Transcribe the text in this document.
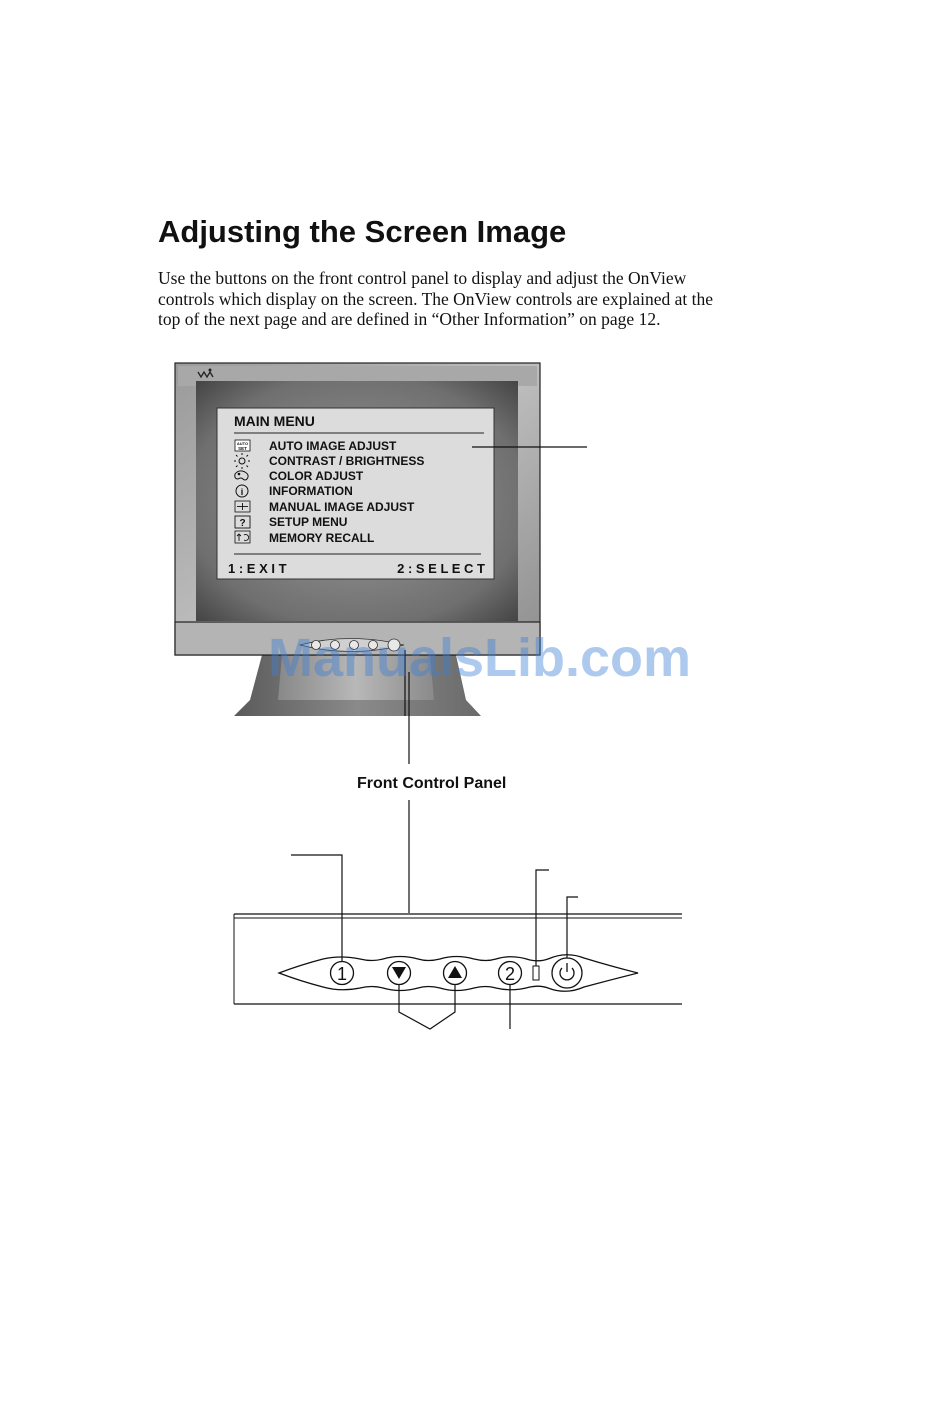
Adjusting the Screen Image
Use the buttons on the front control panel to display and adjust the OnView
controls which display on the screen. The OnView controls are explained at the
top of the next page and are defined in “Other Information” on page 12.
MAIN MENU
AUTO
SET
i
?
AUTO IMAGE ADJUST
CONTRAST / BRIGHTNESS
COLOR ADJUST
INFORMATION
MANUAL IMAGE ADJUST
SETUP MENU
MEMORY RECALL
1 : E X I T	2 : S E L E C T
Front Control Panel
1	2
ManualsLib.com
